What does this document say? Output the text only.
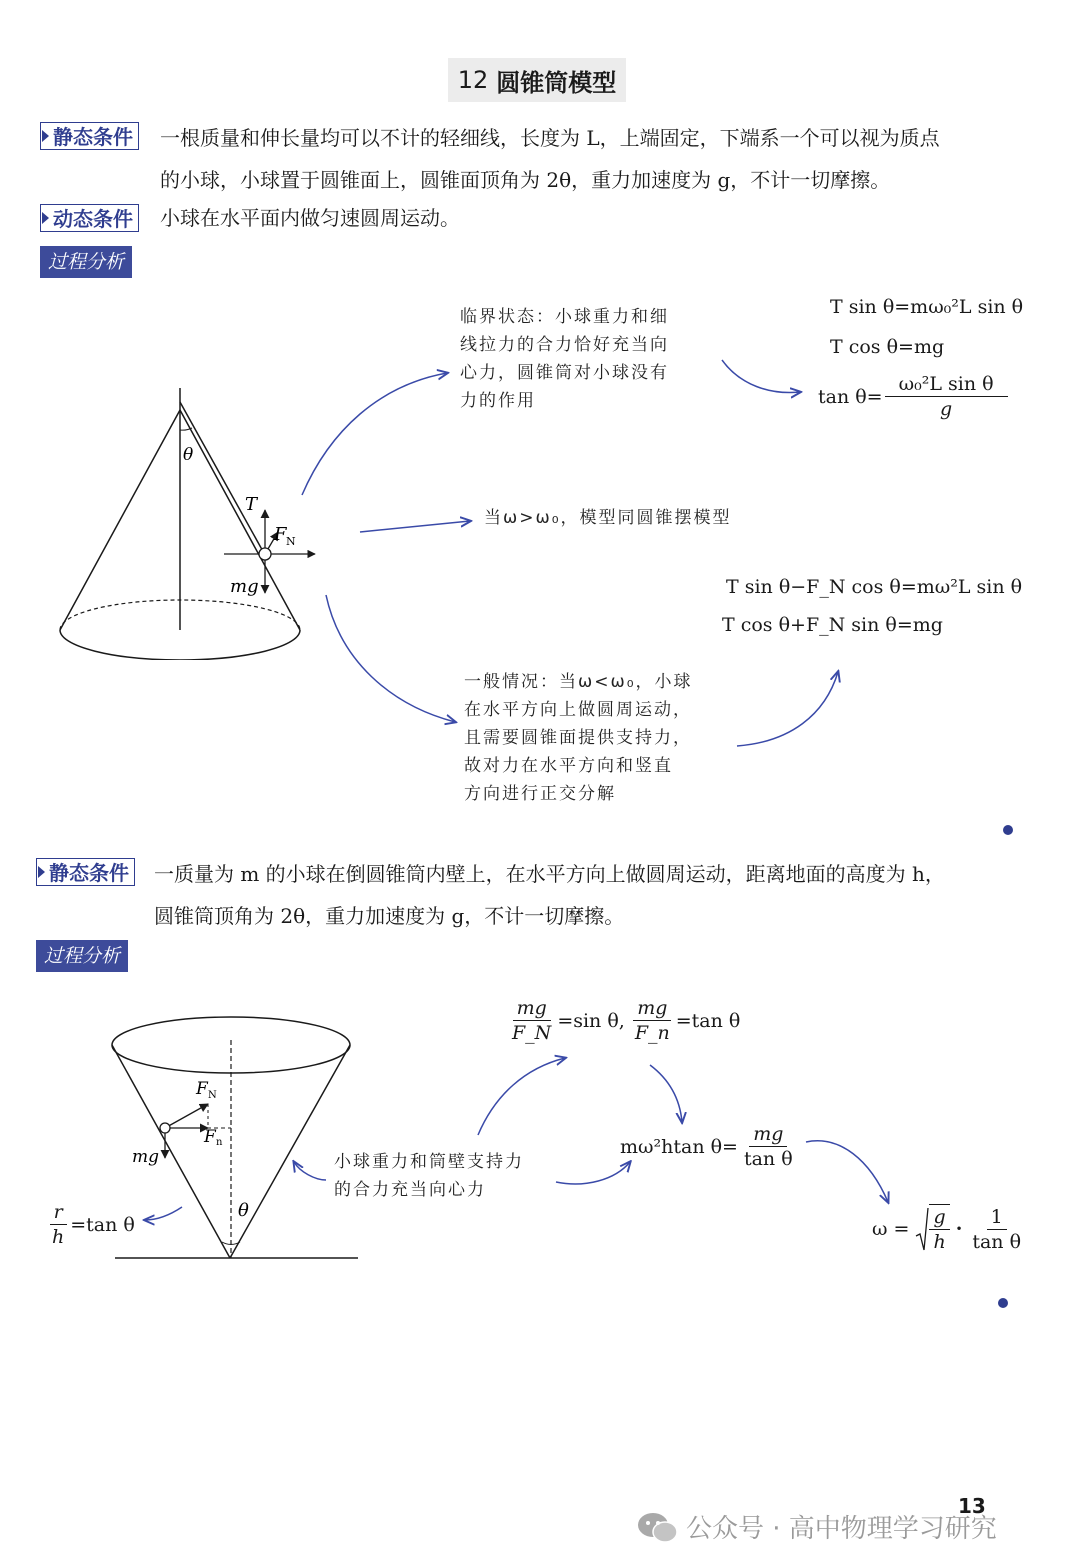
12 圆锥筒模型
静态条件	一根质量和伸长量均可以不计的轻细线，长度为 L，上端固定，下端系一个可以视为质点
的小球，小球置于圆锥面上，圆锥面顶角为 2θ，重力加速度为 g，不计一切摩擦。
动态条件	小球在水平面内做匀速圆周运动。
过程分析
θ
T
F N
mg
临界状态：小球重力和细
线拉力的合力恰好充当向
心力，圆锥筒对小球没有
力的作用
T sin θ=mω₀²L sin θ
T cos θ=mg
$\tan \theta= \frac{\text{ω₀²L sin θ}}{g}$
当ω>ω₀，模型同圆锥摆模型
T sin θ−F_N cos θ=mω²L sin θ
T cos θ+F_N sin θ=mg
一般情况：当ω<ω₀，小球
在水平方向上做圆周运动，
且需要圆锥面提供支持力，
故对力在水平方向和竖直
方向进行正交分解
静态条件	一质量为 m 的小球在倒圆锥筒内壁上，在水平方向上做圆周运动，距离地面的高度为 h，
圆锥筒顶角为 2θ，重力加速度为 g，不计一切摩擦。
过程分析
F N
F n
mg
θ
$\frac{r}{h} =\tan$ θ
$\frac{mg}{F\_N} =\sin$ θ, $\frac{mg}{F\_n} =\tan$ θ
小球重力和筒壁支持力
的合力充当向心力
mω²htan $\theta= \frac{mg}{\text{tan θ}}$
$\omega = \frac{g}{h} \cdot \frac{1}{\text{tan θ}}$
13
公众号 · 高中物理学习研究
